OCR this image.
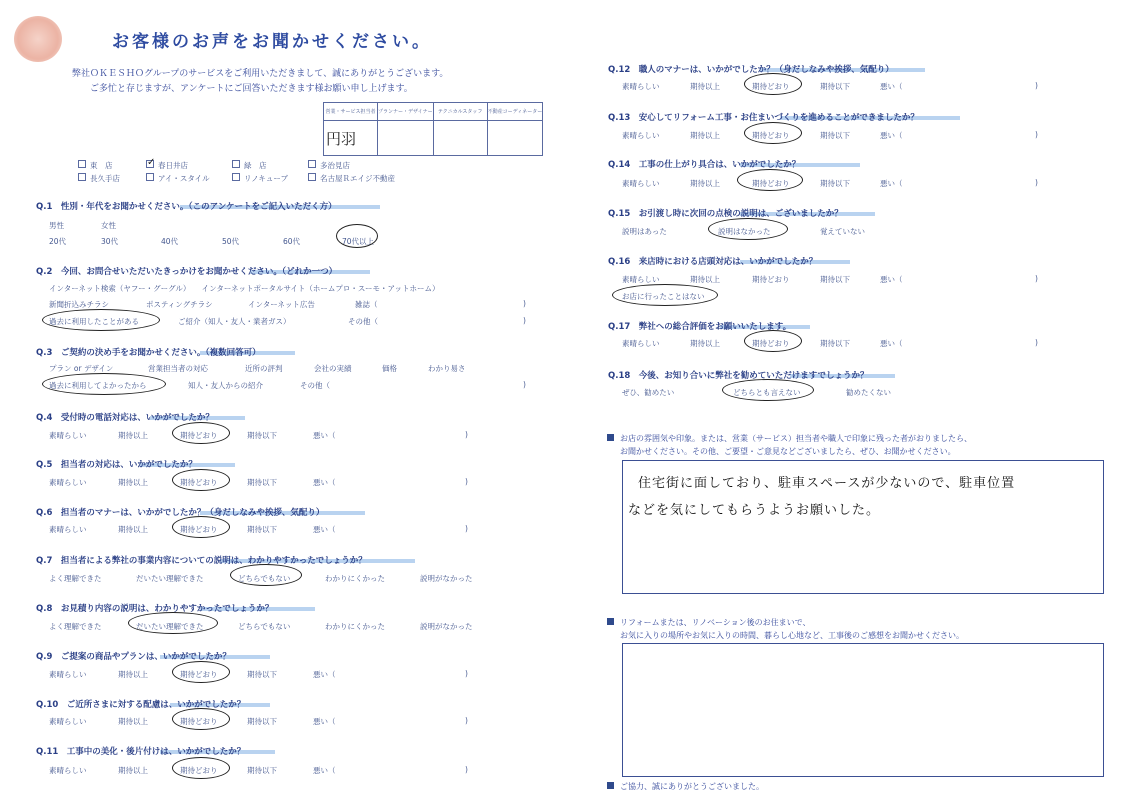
お客様のお声をお聞かせください。
弊社ＯＫＥＳＨＯグループのサービスをご利用いただきまして、誠にありがとうございます。
ご多忙と存じますが、アンケートにご回答いただきます様お願い申し上げます。
営業・サービス担当者	プランナー・デザイナー	テクニカルスタッフ	不動産コーディネーター
円羽			
東　店	✓ 春日井店	緑　店	多治見店
長久手店	アイ・スタイル	リノキューブ	名古屋Ｒエイジ不動産
Q.1　性別・年代をお聞かせください。（このアンケートをご記入いただく方）
男性	女性
20代	30代	40代	50代	60代	70代以上
Q.2　今回、お問合せいただいたきっかけをお聞かせください。（どれか一つ）
インターネット検索（ヤフー・グーグル）　　インターネットポータルサイト（ホームプロ・スーモ・アットホーム）
新聞折込みチラシ	ポスティングチラシ	インターネット広告	雑誌（	)
過去に利用したことがある	ご紹介（知人・友人・業者ガス）	その他（	)
Q.3　ご契約の決め手をお聞かせください。（複数回答可）
プラン or デザイン	営業担当者の対応	近所の評判	会社の実績	価格	わかり易さ
過去に利用してよかったから	知人・友人からの紹介	その他（	)
Q.4　受付時の電話対応は、いかがでしたか？
素晴らしい	期待以上	期待どおり	期待以下	悪い（	)
Q.5　担当者の対応は、いかがでしたか？
素晴らしい	期待以上	期待どおり	期待以下	悪い（	)
Q.6　担当者のマナーは、いかがでしたか？（身だしなみや挨拶、気配り）
素晴らしい	期待以上	期待どおり	期待以下	悪い（	)
Q.7　担当者による弊社の事業内容についての説明は、わかりやすかったでしょうか？
よく理解できた	だいたい理解できた	どちらでもない	わかりにくかった	説明がなかった
Q.8　お見積り内容の説明は、わかりやすかったでしょうか？
よく理解できた	だいたい理解できた	どちらでもない	わかりにくかった	説明がなかった
Q.9　ご提案の商品やプランは、いかがでしたか？
素晴らしい	期待以上	期待どおり	期待以下	悪い（	)
Q.10　ご近所さまに対する配慮は、いかがでしたか？
素晴らしい	期待以上	期待どおり	期待以下	悪い（	)
Q.11　工事中の美化・後片付けは、いかがでしたか？
素晴らしい	期待以上	期待どおり	期待以下	悪い（	)
Q.12　職人のマナーは、いかがでしたか？（身だしなみや挨拶、気配り）
素晴らしい	期待以上	期待どおり	期待以下	悪い（	)
Q.13　安心してリフォーム工事・お住まいづくりを進めることができましたか？
素晴らしい	期待以上	期待どおり	期待以下	悪い（	)
Q.14　工事の仕上がり具合は、いかがでしたか？
素晴らしい	期待以上	期待どおり	期待以下	悪い（	)
Q.15　お引渡し時に次回の点検の説明は、ございましたか？
説明はあった	説明はなかった	覚えていない
Q.16　来店時における店頭対応は、いかがでしたか？
素晴らしい	期待以上	期待どおり	期待以下	悪い（	)
お店に行ったことはない
Q.17　弊社への総合評価をお願いいたします。
素晴らしい	期待以上	期待どおり	期待以下	悪い（	)
Q.18　今後、お知り合いに弊社を勧めていただけますでしょうか？
ぜひ、勧めたい	どちらとも言えない	勧めたくない
お店の雰囲気や印象。または、営業（サービス）担当者や職人で印象に残った者がおりましたら、
お聞かせください。その他、ご要望・ご意見などございましたら、ぜひ、お聞かせください。
住宅街に面しており、駐車スペースが少ないので、駐車位置
などを気にしてもらうようお願いした。
リフォームまたは、リノベーション後のお住まいで、
お気に入りの場所やお気に入りの時間、暮らし心地など、工事後のご感想をお聞かせください。
ご協力、誠にありがとうございました。
